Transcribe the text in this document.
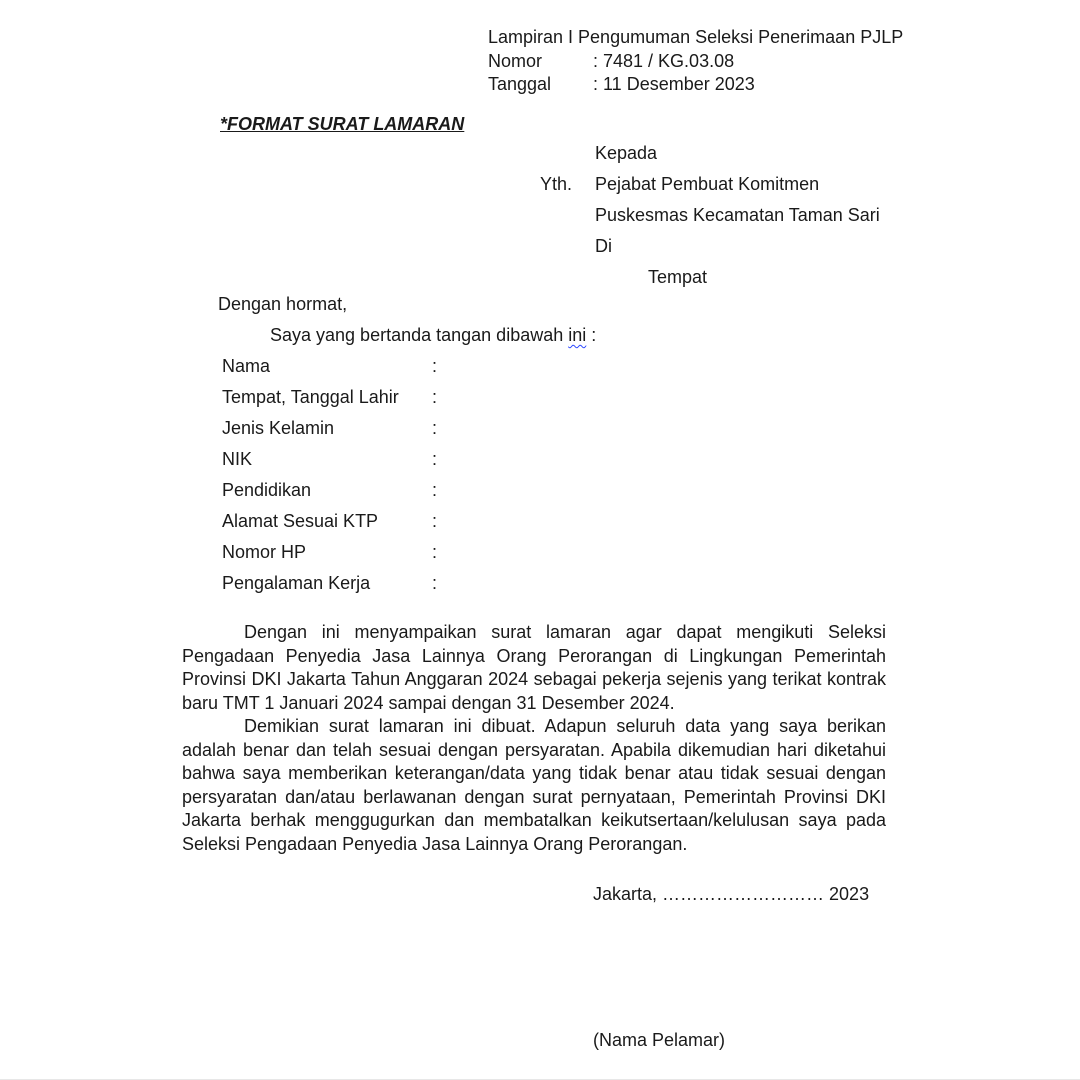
Lampiran I Pengumuman Seleksi Penerimaan PJLP
Nomor	: 7481 / KG.03.08
Tanggal : 11 Desember 2023
*FORMAT SURAT LAMARAN
Kepada
Yth. Pejabat Pembuat Komitmen
Puskesmas Kecamatan Taman Sari
Di
Tempat
Dengan hormat,
Saya yang bertanda tangan dibawah ini :
Nama	:
Tempat, Tanggal Lahir :
Jenis Kelamin	:
NIK	:
Pendidikan	:
Alamat Sesuai KTP	:
Nomor HP	:
Pengalaman Kerja	:

Dengan ini menyampaikan surat lamaran agar dapat mengikuti Seleksi Pengadaan Penyedia Jasa Lainnya Orang Perorangan di Lingkungan Pemerintah Provinsi DKI Jakarta Tahun Anggaran 2024 sebagai pekerja sejenis yang terikat kontrak baru TMT 1 Januari 2024 sampai dengan 31 Desember 2024.

Demikian surat lamaran ini dibuat. Adapun seluruh data yang saya berikan adalah benar dan telah sesuai dengan persyaratan. Apabila dikemudian hari diketahui bahwa saya memberikan keterangan/data yang tidak benar atau tidak sesuai dengan persyaratan dan/atau berlawanan dengan surat pernyataan, Pemerintah Provinsi DKI Jakarta berhak menggugurkan dan membatalkan keikutsertaan/kelulusan saya pada Seleksi Pengadaan Penyedia Jasa Lainnya Orang Perorangan.

Jakarta, ……………………… 2023
(Nama Pelamar)
